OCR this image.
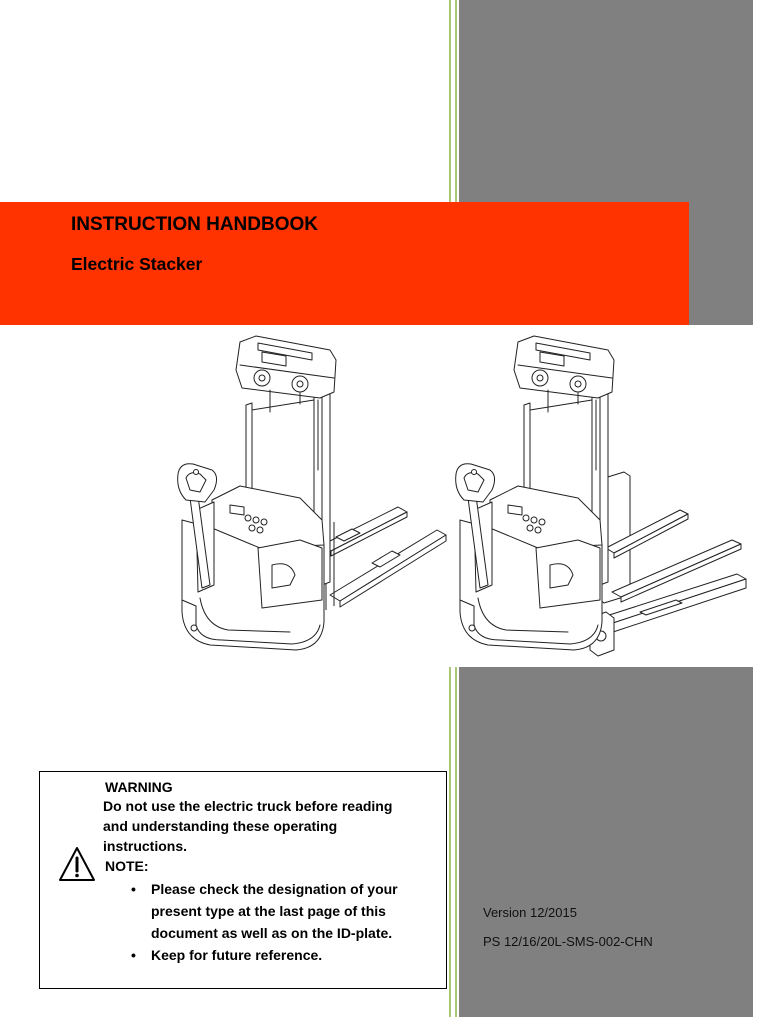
INSTRUCTION HANDBOOK
Electric Stacker
WARNING
Do not use the electric truck before reading
and understanding these operating
instructions.
NOTE:
• Please check the designation of your
present type at the last page of this
document as well as on the ID-plate.
• Keep for future reference.
Version 12/2015
PS 12/16/20L-SMS-002-CHN
